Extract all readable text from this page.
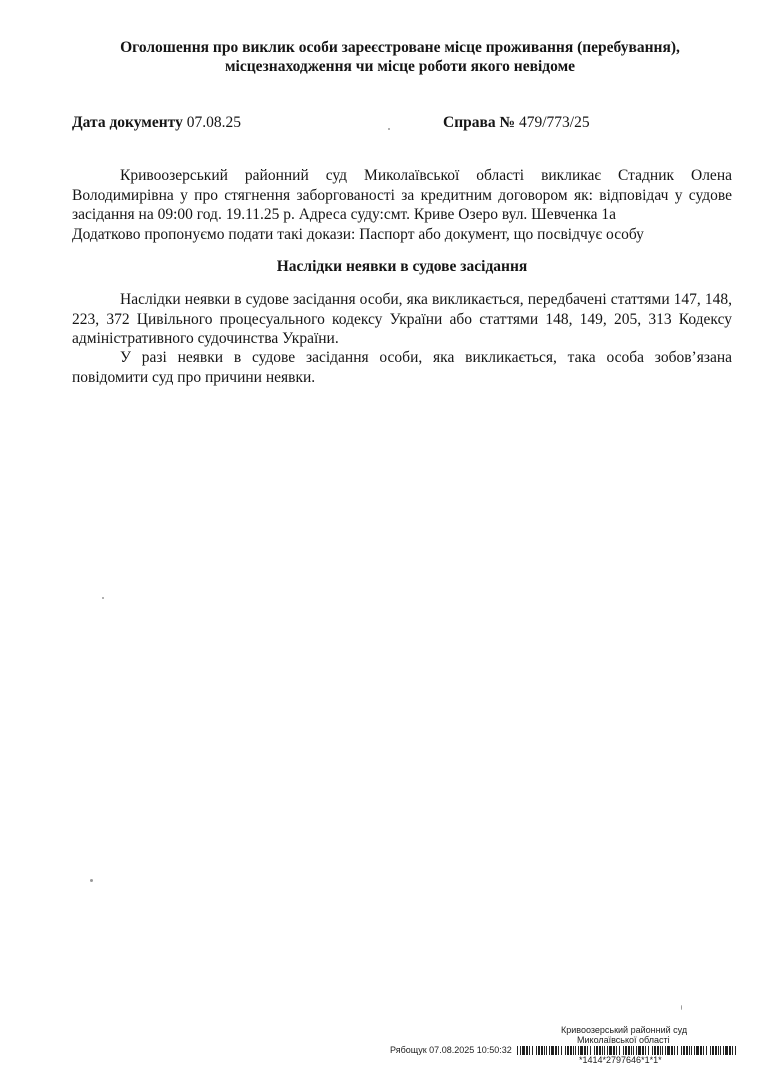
Оголошення про виклик особи зареєстроване місце проживання (перебування),
місцезнаходження чи місце роботи якого невідоме
Дата документу 07.08.25	Справа № 479/773/25
Кривоозерський районний суд Миколаївської області викликає Стадник Олена
Володимирівна у про стягнення заборгованості за кредитним договором як: відповідач у судове
засідання на 09:00 год. 19.11.25 р. Адреса суду:смт. Криве Озеро вул. Шевченка 1а
Додатково пропонуємо подати такі докази: Паспорт або документ, що посвідчує особу
Наслідки неявки в судове засідання
Наслідки неявки в судове засідання особи, яка викликається, передбачені статтями 147, 148,
223, 372 Цивільного процесуального кодексу України або статтями 148, 149, 205, 313 Кодексу
адміністративного судочинства України.
У разі неявки в судове засідання особи, яка викликається, така особа зобов’язана
повідомити суд про причини неявки.
Кривоозерський районний суд
Миколаївської області
Рябощук 07.08.2025 10:50:32
*1414*2797646*1*1*
